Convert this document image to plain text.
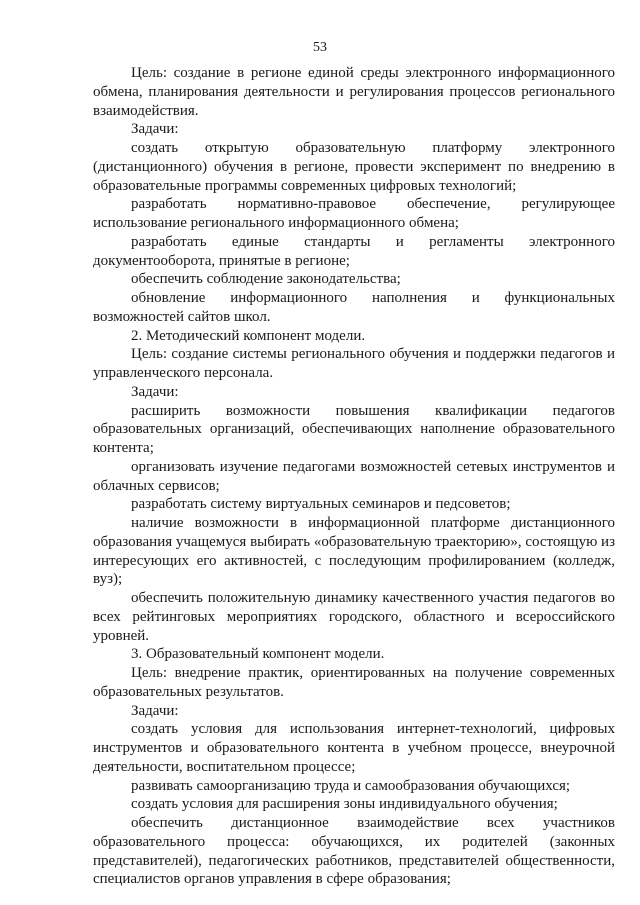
53

Цель: создание в регионе единой среды электронного информационного обмена, планирования деятельности и регулирования процессов регионального взаимодействия.

Задачи:

создать открытую образовательную платформу электронного (дистанционного) обучения в регионе, провести эксперимент по внедрению в образовательные программы современных цифровых технологий;

разработать нормативно-правовое обеспечение, регулирующее использование регионального информационного обмена;

разработать единые стандарты и регламенты электронного документооборота, принятые в регионе;

обеспечить соблюдение законодательства;

обновление информационного наполнения и функциональных возможностей сайтов школ.

2. Методический компонент модели.

Цель: создание системы регионального обучения и поддержки педагогов и управленческого персонала.

Задачи:

расширить возможности повышения квалификации педагогов образовательных организаций, обеспечивающих наполнение образовательного контента;

организовать изучение педагогами возможностей сетевых инструментов и облачных сервисов;

разработать систему виртуальных семинаров и педсоветов;

наличие возможности в информационной платформе дистанционного образования учащемуся выбирать «образовательную траекторию», состоящую из интересующих его активностей, с последующим профилированием (колледж, вуз);

обеспечить положительную динамику качественного участия педагогов во всех рейтинговых мероприятиях городского, областного и всероссийского уровней.

3. Образовательный компонент модели.

Цель: внедрение практик, ориентированных на получение современных образовательных результатов.

Задачи:

создать условия для использования интернет-технологий, цифровых инструментов и образовательного контента в учебном процессе, внеурочной деятельности, воспитательном процессе;

развивать самоорганизацию труда и самообразования обучающихся;

создать условия для расширения зоны индивидуального обучения;

обеспечить дистанционное взаимодействие всех участников образовательного процесса: обучающихся, их родителей (законных представителей), педагогических работников, представителей общественности, специалистов органов управления в сфере образования;
